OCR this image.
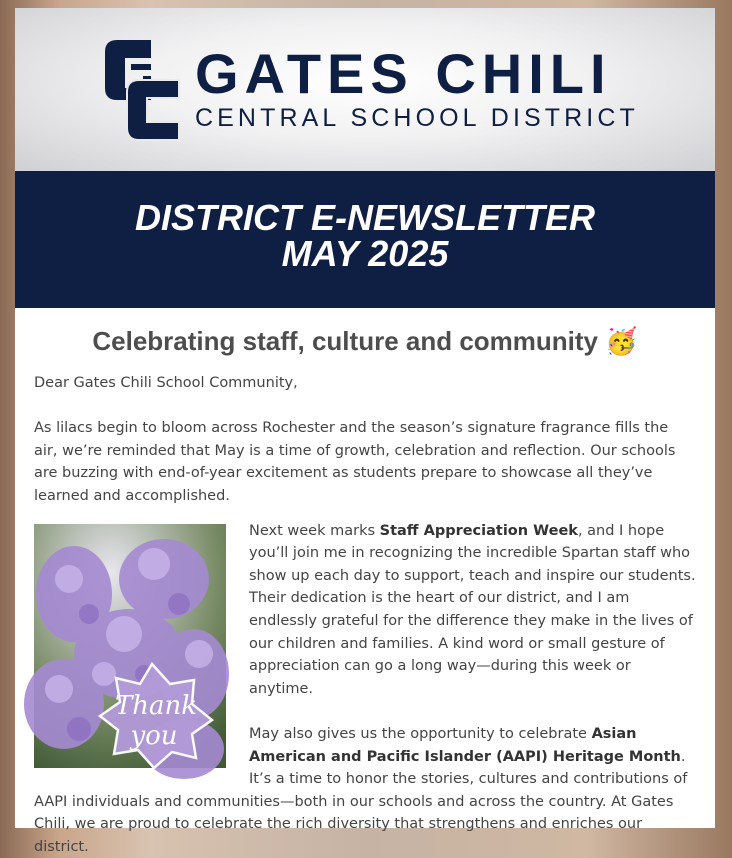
GATES CHILI
CENTRAL SCHOOL DISTRICT
DISTRICT E-NEWSLETTER
MAY 2025
Celebrating staff, culture and community 🥳

Dear Gates Chili School Community,

As lilacs begin to bloom across Rochester and the season’s signature fragrance fills the air, we’re reminded that May is a time of growth, celebration and reflection. Our schools are buzzing with end-of-year excitement as students prepare to showcase all they’ve learned and accomplished.

Thank
you

Next week marks Staff Appreciation Week, and I hope you’ll join me in recognizing the incredible Spartan staff who show up each day to support, teach and inspire our students. Their dedication is the heart of our district, and I am endlessly grateful for the difference they make in the lives of our children and families. A kind word or small gesture of appreciation can go a long way—during this week or anytime.

May also gives us the opportunity to celebrate Asian American and Pacific Islander (AAPI) Heritage Month. It’s a time to honor the stories, cultures and contributions of AAPI individuals and communities—both in our schools and across the country. At Gates Chili, we are proud to celebrate the rich diversity that strengthens and enriches our district.
